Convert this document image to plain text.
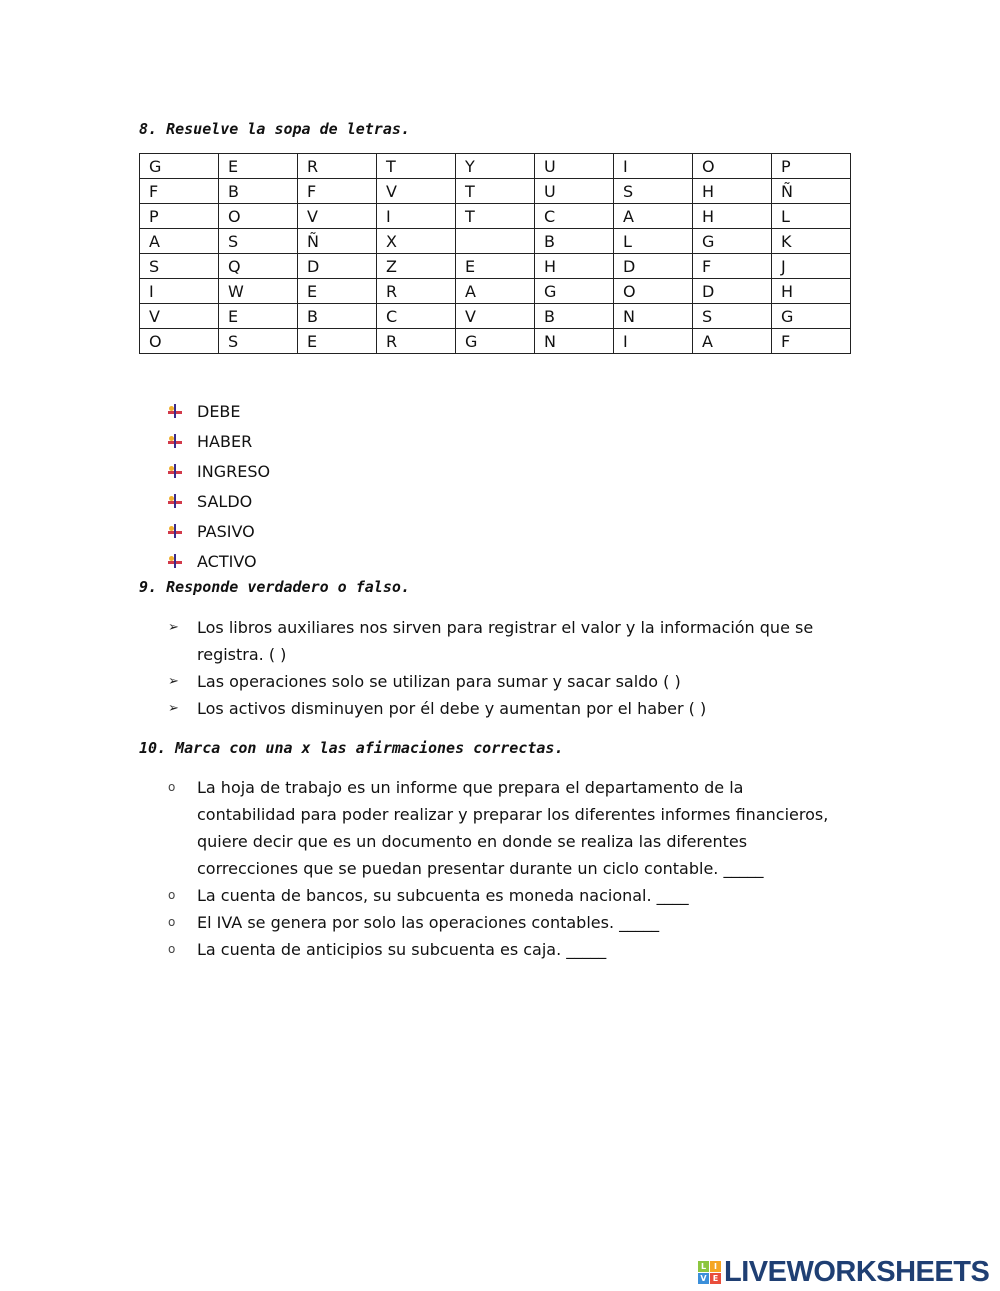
8. Resuelve la sopa de letras.
G	E	R	T	Y	U	I	O	P
F	B	F	V	T	U	S	H	Ñ
P	O	V	I	T	C	A	H	L
A	S	Ñ	X		B	L	G	K
S	Q	D	Z	E	H	D	F	J
I	W	E	R	A	G	O	D	H
V	E	B	C	V	B	N	S	G
O	S	E	R	G	N	I	A	F
DEBE
HABER
INGRESO
SALDO
PASIVO
ACTIVO
9. Responde verdadero o falso.
➢	Los libros auxiliares nos sirven para registrar el valor y la información que se registra. ( )
➢	Las operaciones solo se utilizan para sumar y sacar saldo ( )
➢	Los activos disminuyen por él debe y aumentan por el haber ( )
10. Marca con una x las afirmaciones correctas.
o	La hoja de trabajo es un informe que prepara el departamento de la contabilidad para poder realizar y preparar los diferentes informes financieros, quiere decir que es un documento en donde se realiza las diferentes correcciones que se puedan presentar durante un ciclo contable. _____
o	La cuenta de bancos, su subcuenta es moneda nacional. ____
o	El IVA se genera por solo las operaciones contables. _____
o	La cuenta de anticipios su subcuenta es caja. _____
L I
V E LIVEWORKSHEETS
